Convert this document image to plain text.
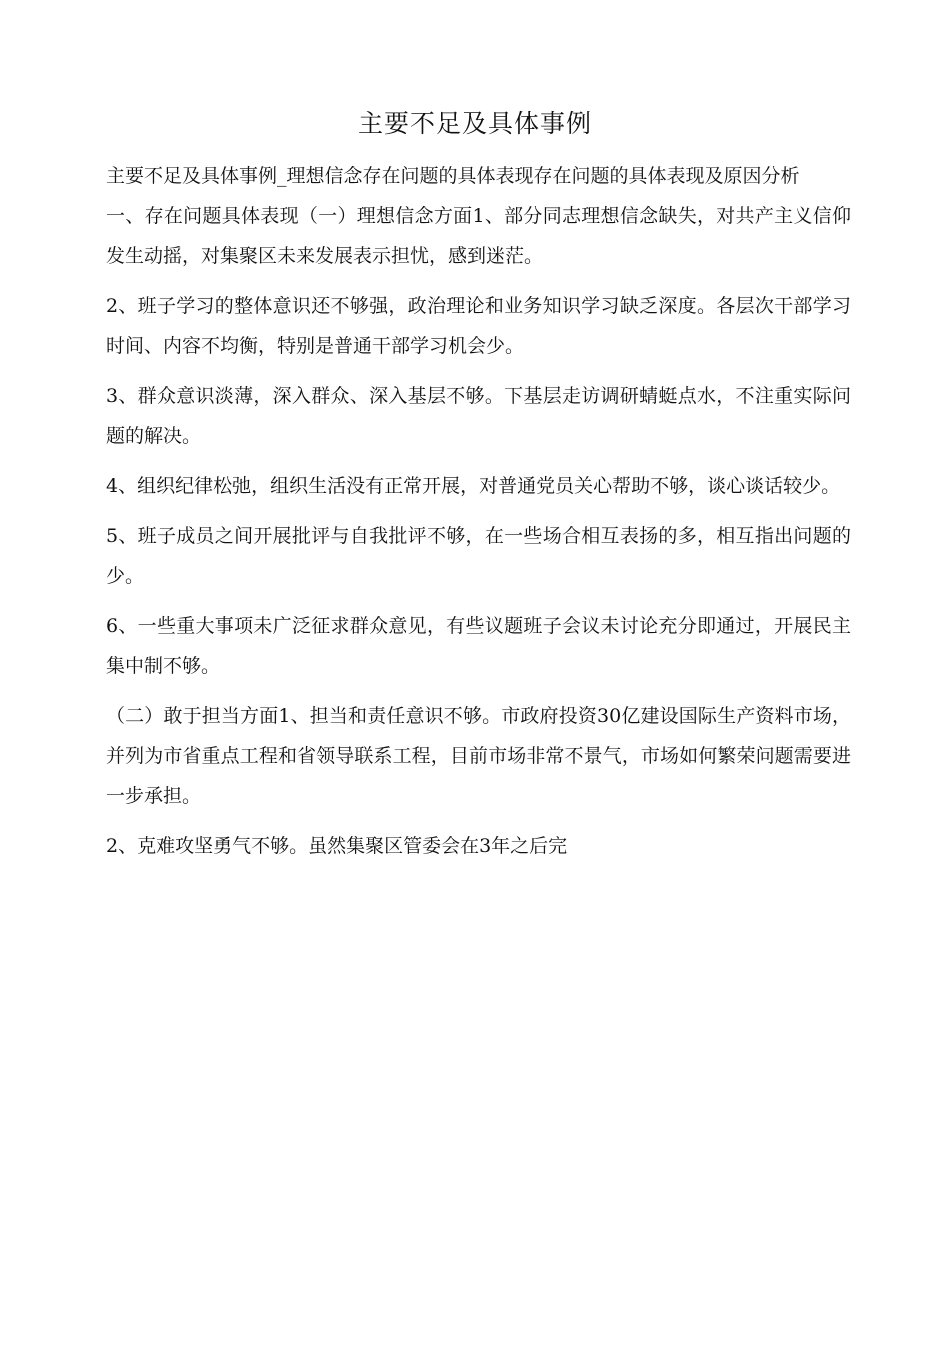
主要不足及具体事例

主要不足及具体事例_理想信念存在问题的具体表现存在问题的具体表现及原因分析

一、存在问题具体表现（一）理想信念方面1、部分同志理想信念缺失，对共产主义信仰发生动摇，对集聚区未来发展表示担忧，感到迷茫。

2、班子学习的整体意识还不够强，政治理论和业务知识学习缺乏深度。各层次干部学习时间、内容不均衡，特别是普通干部学习机会少。

3、群众意识淡薄，深入群众、深入基层不够。下基层走访调研蜻蜓点水，不注重实际问题的解决。

4、组织纪律松弛，组织生活没有正常开展，对普通党员关心帮助不够，谈心谈话较少。

5、班子成员之间开展批评与自我批评不够，在一些场合相互表扬的多，相互指出问题的少。

6、一些重大事项未广泛征求群众意见，有些议题班子会议未讨论充分即通过，开展民主集中制不够。

（二）敢于担当方面1、担当和责任意识不够。市政府投资30亿建设国际生产资料市场，并列为市省重点工程和省领导联系工程，目前市场非常不景气，市场如何繁荣问题需要进一步承担。

2、克难攻坚勇气不够。虽然集聚区管委会在3年之后完
